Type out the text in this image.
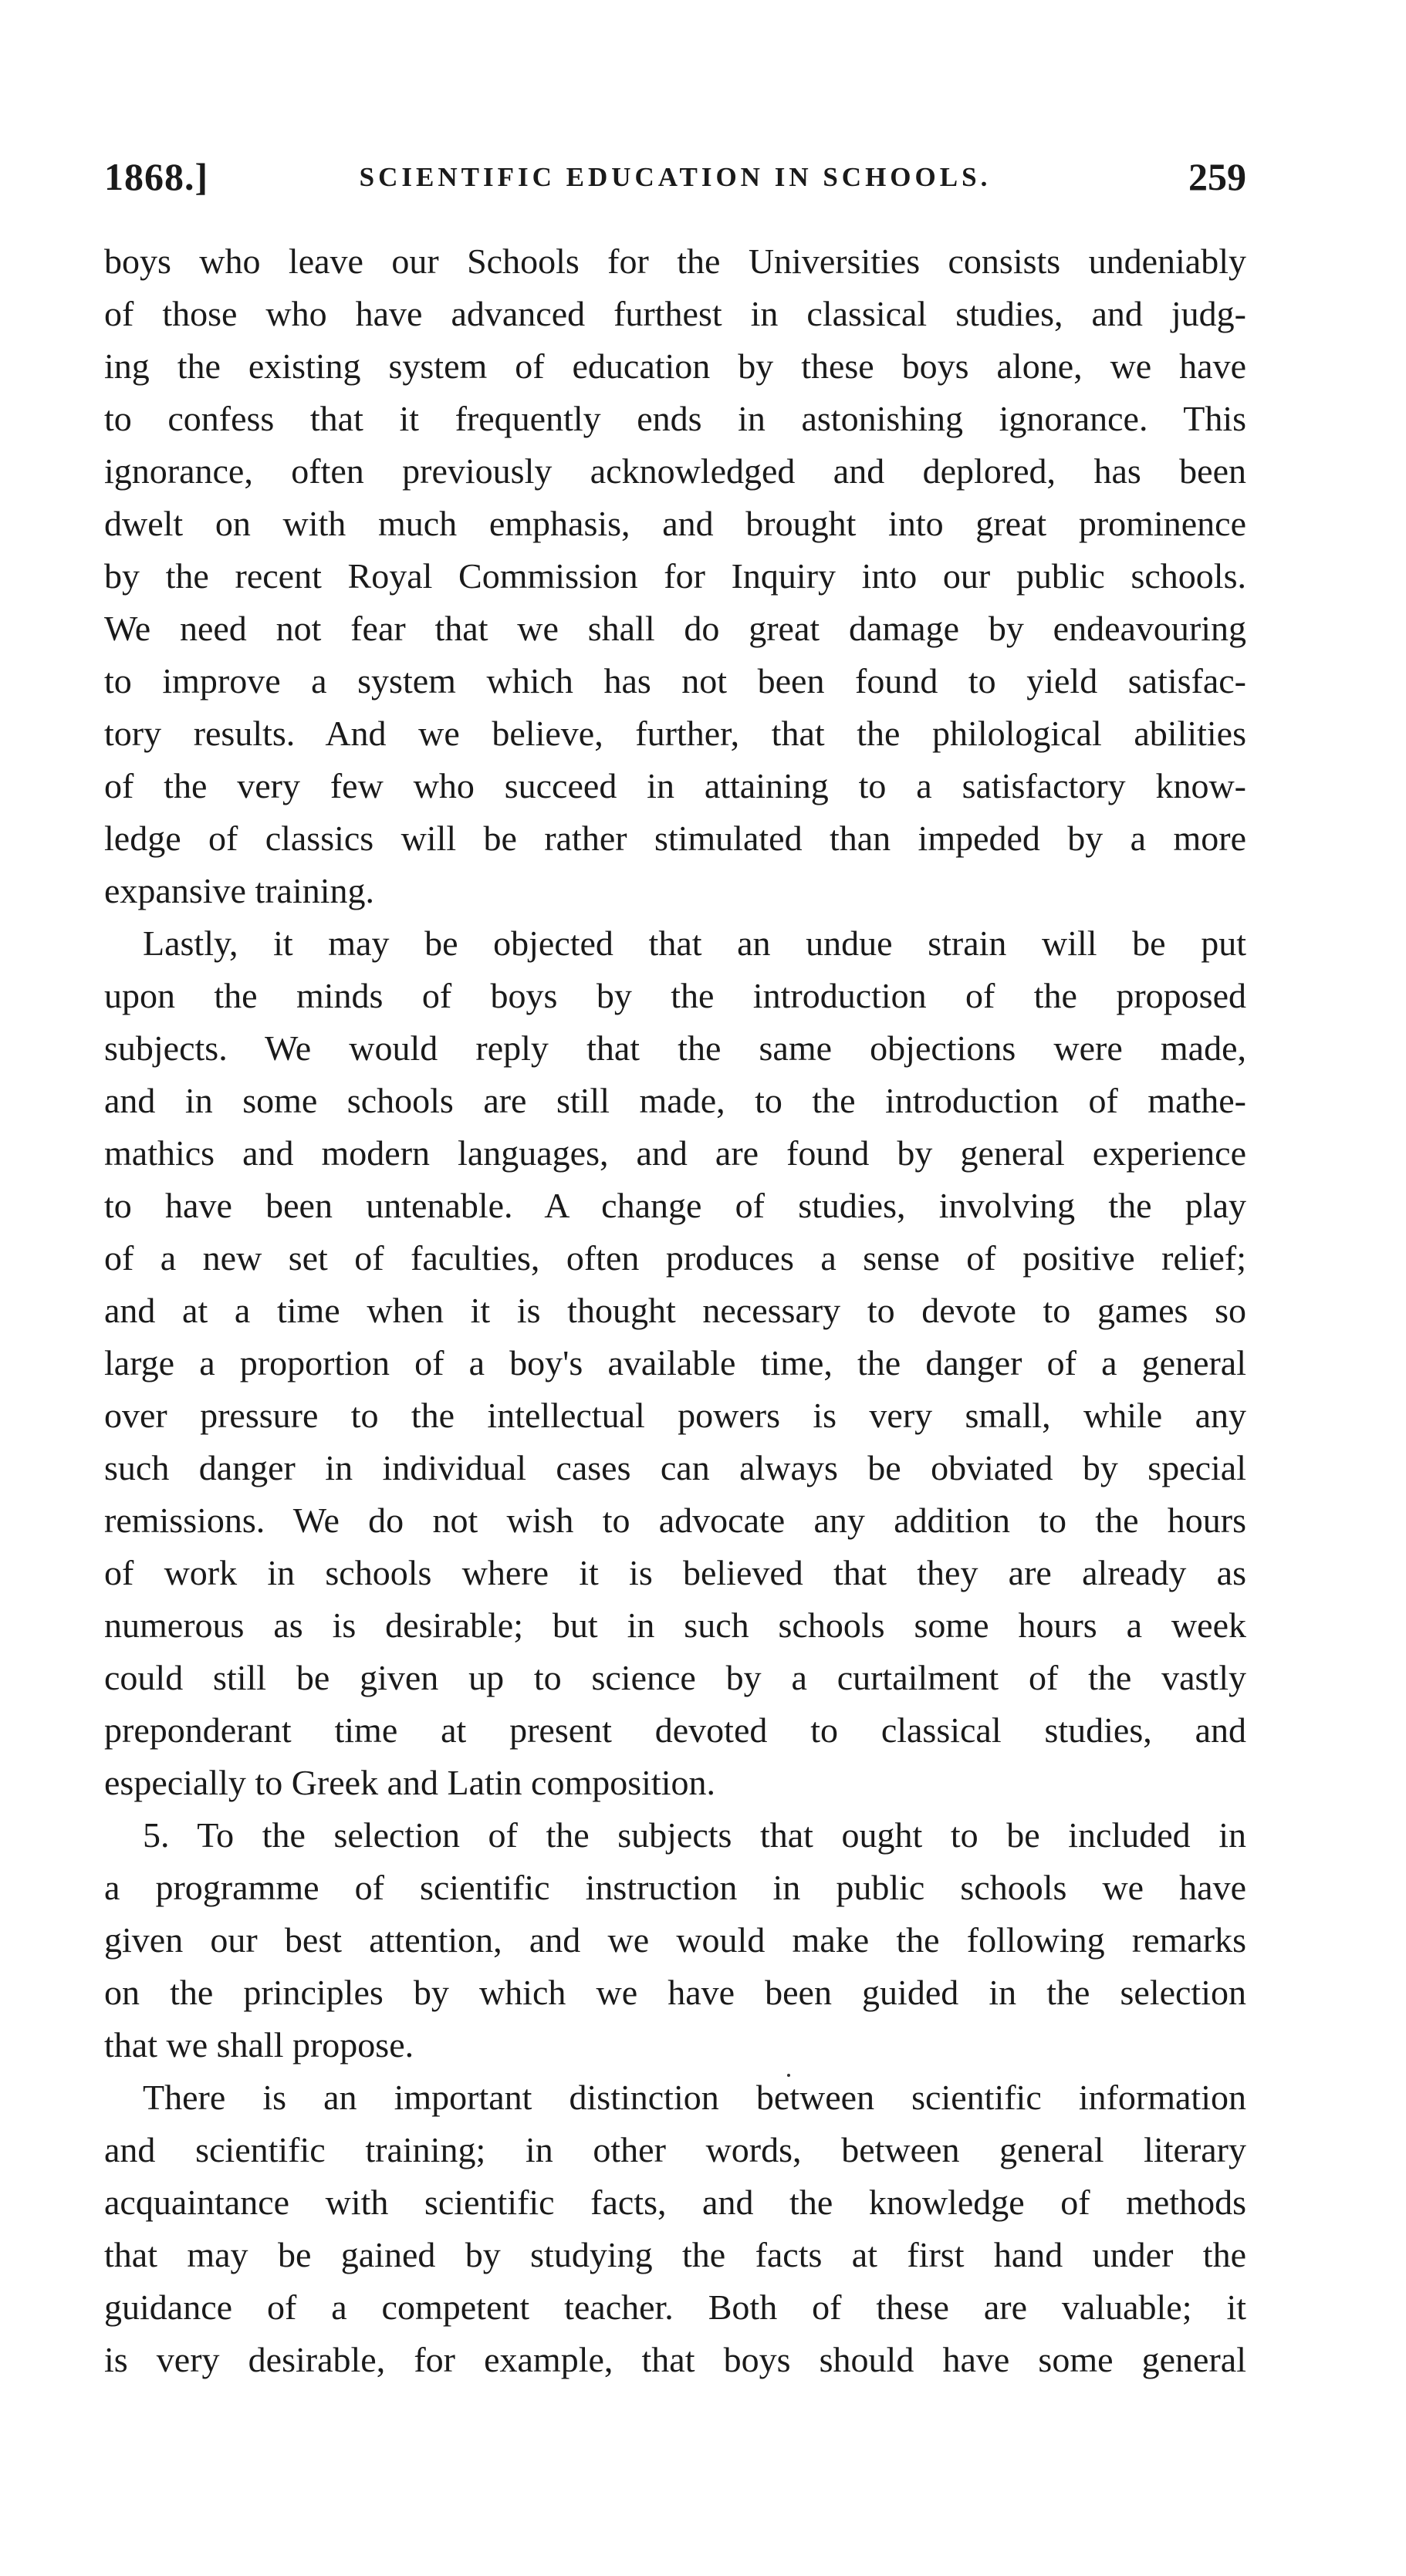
1868.]	SCIENTIFIC EDUCATION IN SCHOOLS.	259
boys who leave our Schools for the Universities consists undeniably
of those who have advanced furthest in classical studies, and judg-
ing the existing system of education by these boys alone, we have
to confess that it frequently ends in astonishing ignorance. This
ignorance, often previously acknowledged and deplored, has been
dwelt on with much emphasis, and brought into great prominence
by the recent Royal Commission for Inquiry into our public schools.
We need not fear that we shall do great damage by endeavouring
to improve a system which has not been found to yield satisfac-
tory results. And we believe, further, that the philological abilities
of the very few who succeed in attaining to a satisfactory know-
ledge of classics will be rather stimulated than impeded by a more
expansive training.
Lastly, it may be objected that an undue strain will be put
upon the minds of boys by the introduction of the proposed
subjects. We would reply that the same objections were made,
and in some schools are still made, to the introduction of mathe-
mathics and modern languages, and are found by general experience
to have been untenable. A change of studies, involving the play
of a new set of faculties, often produces a sense of positive relief;
and at a time when it is thought necessary to devote to games so
large a proportion of a boy's available time, the danger of a general
over pressure to the intellectual powers is very small, while any
such danger in individual cases can always be obviated by special
remissions. We do not wish to advocate any addition to the hours
of work in schools where it is believed that they are already as
numerous as is desirable; but in such schools some hours a week
could still be given up to science by a curtailment of the vastly
preponderant time at present devoted to classical studies, and
especially to Greek and Latin composition.
5. To the selection of the subjects that ought to be included in
a programme of scientific instruction in public schools we have
given our best attention, and we would make the following remarks
on the principles by which we have been guided in the selection
that we shall propose.
There is an important distinction between scientific information
and scientific training; in other words, between general literary
acquaintance with scientific facts, and the knowledge of methods
that may be gained by studying the facts at first hand under the
guidance of a competent teacher. Both of these are valuable; it
is very desirable, for example, that boys should have some general
